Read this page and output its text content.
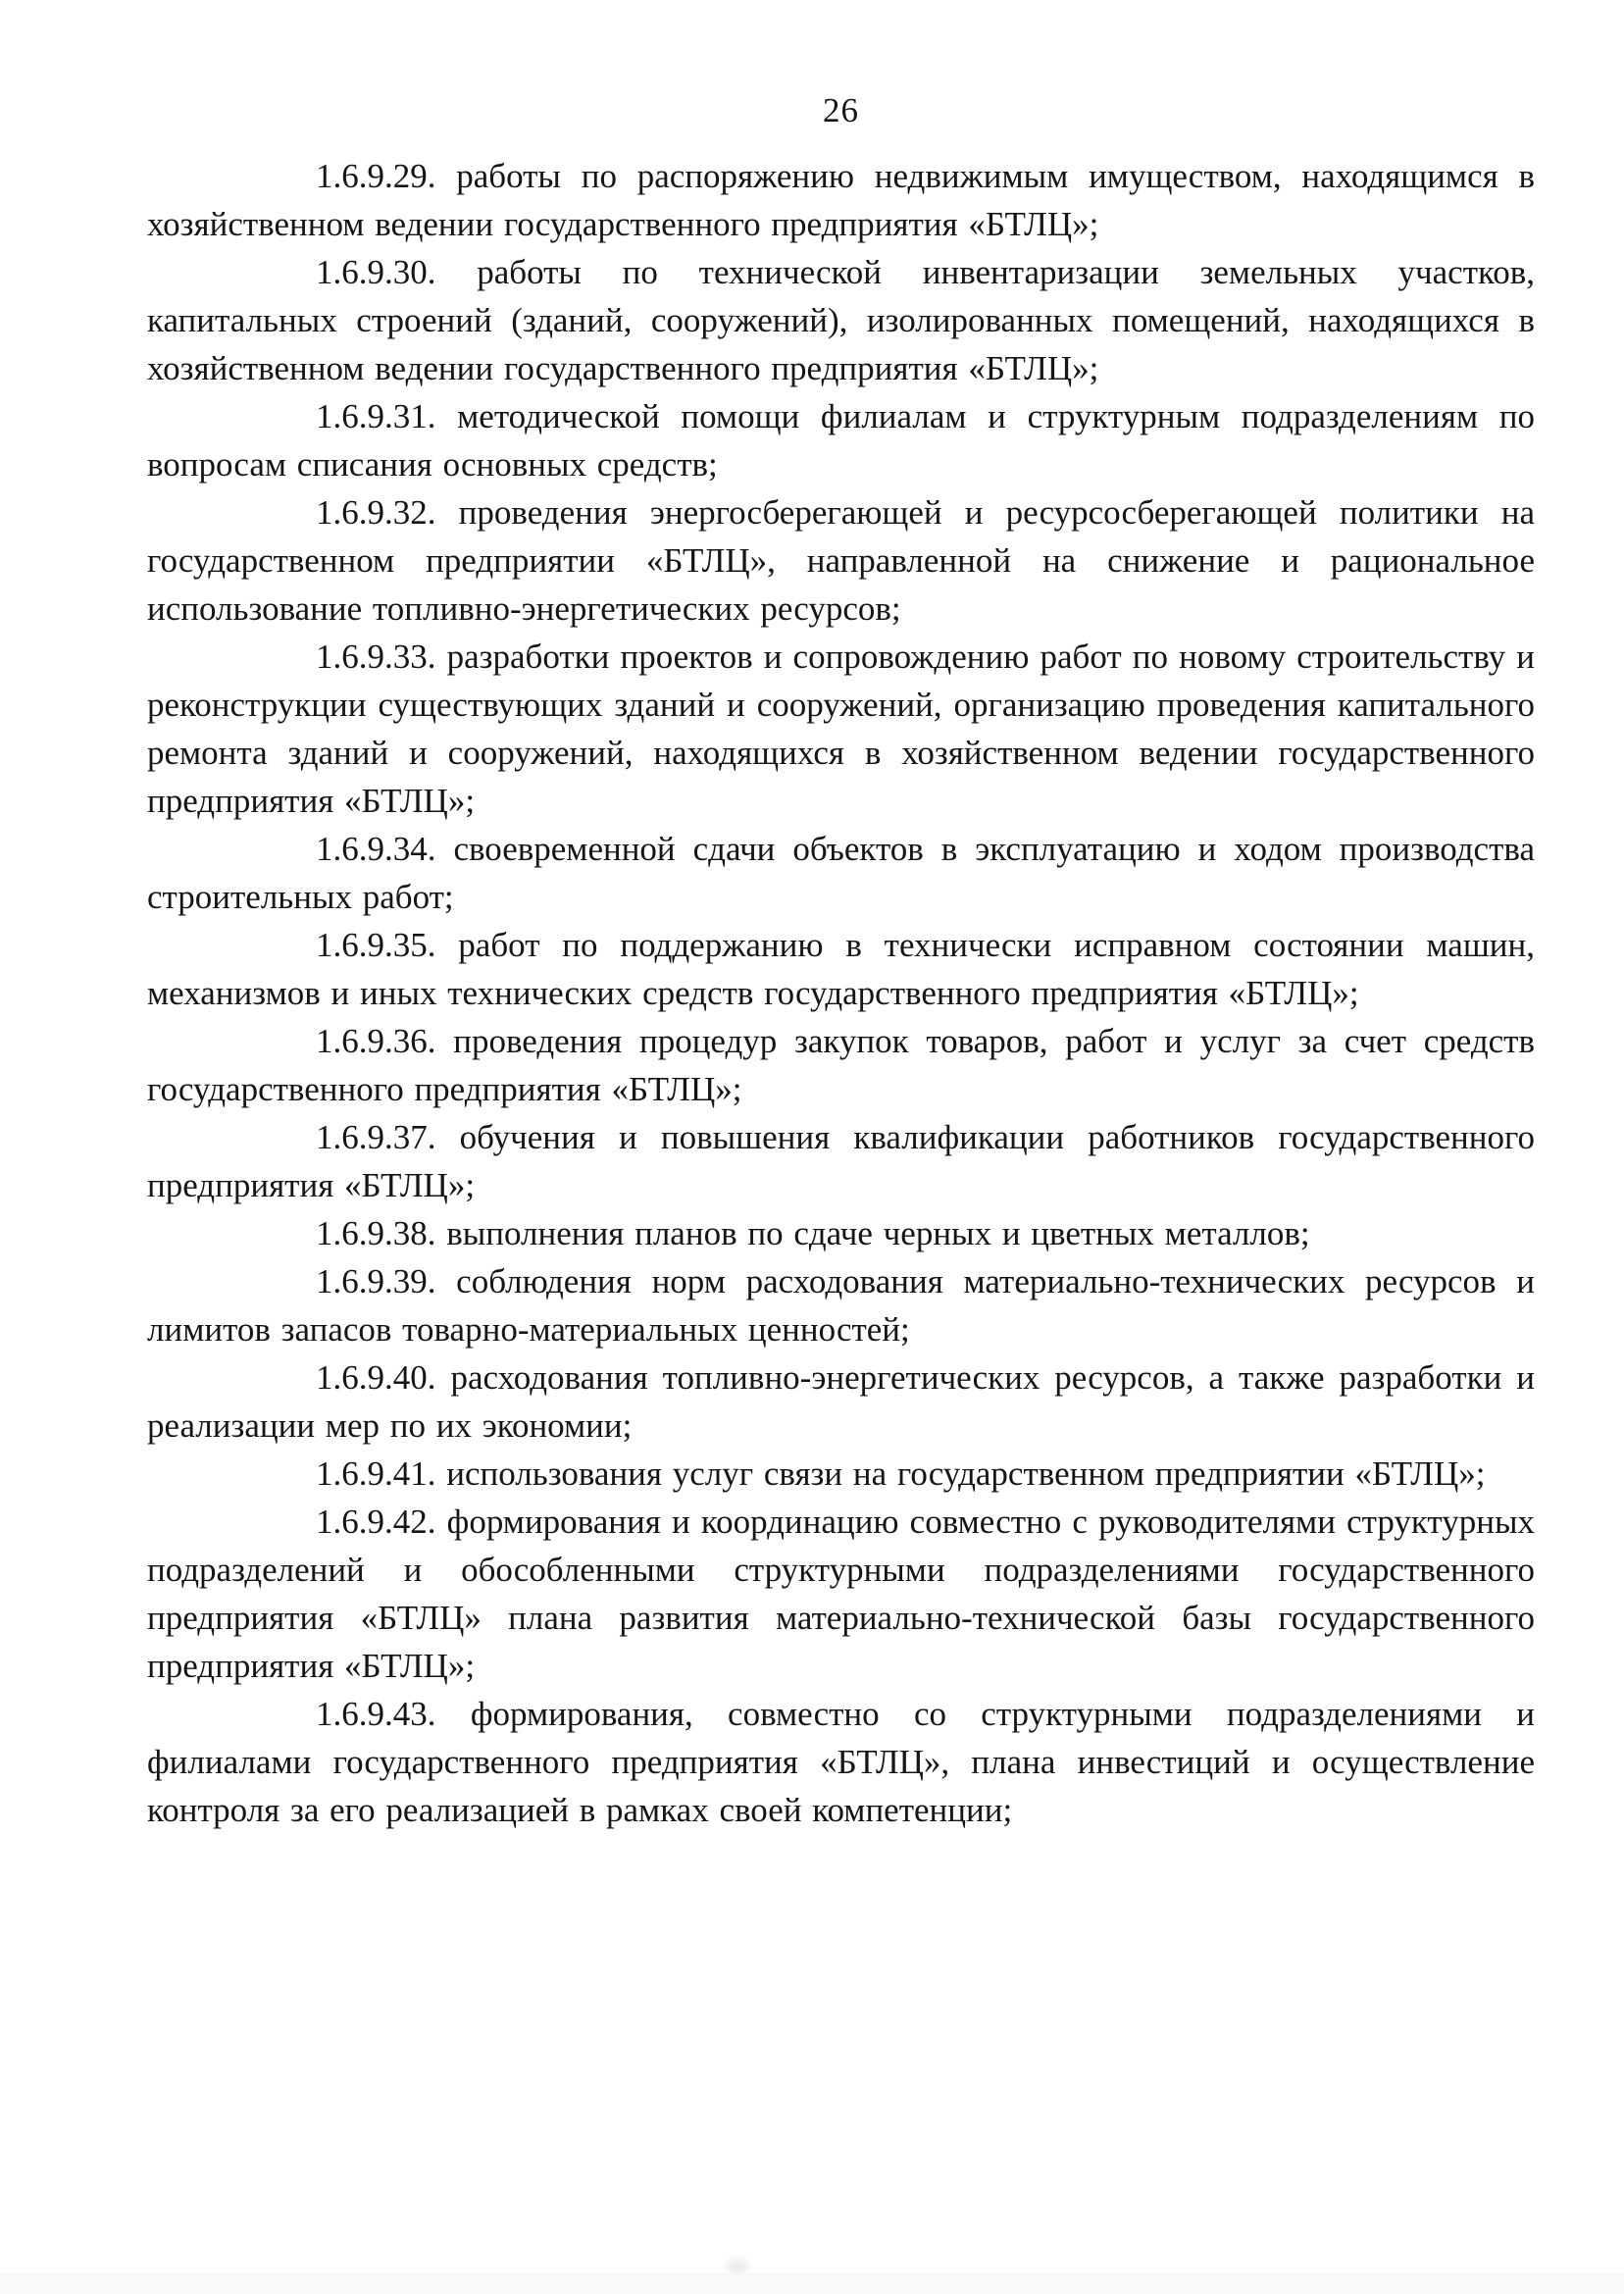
26

1.6.9.29. работы по распоряжению недвижимым имуществом, находящимся в хозяйственном ведении государственного предприятия «БТЛЦ»;

1.6.9.30. работы по технической инвентаризации земельных участков, капитальных строений (зданий, сооружений), изолированных помещений, находящихся в хозяйственном ведении государственного предприятия «БТЛЦ»;

1.6.9.31. методической помощи филиалам и структурным подразделениям по вопросам списания основных средств;

1.6.9.32. проведения энергосберегающей и ресурсосберегающей политики на государственном предприятии «БТЛЦ», направленной на снижение и рациональное использование топливно-энергетических ресурсов;

1.6.9.33. разработки проектов и сопровождению работ по новому строительству и реконструкции существующих зданий и сооружений, организацию проведения капитального ремонта зданий и сооружений, находящихся в хозяйственном ведении государственного предприятия «БТЛЦ»;

1.6.9.34. своевременной сдачи объектов в эксплуатацию и ходом производства строительных работ;

1.6.9.35. работ по поддержанию в технически исправном состоянии машин, механизмов и иных технических средств государственного предприятия «БТЛЦ»;

1.6.9.36. проведения процедур закупок товаров, работ и услуг за счет средств государственного предприятия «БТЛЦ»;

1.6.9.37. обучения и повышения квалификации работников государственного предприятия «БТЛЦ»;

1.6.9.38. выполнения планов по сдаче черных и цветных металлов;

1.6.9.39. соблюдения норм расходования материально-технических ресурсов и лимитов запасов товарно-материальных ценностей;

1.6.9.40. расходования топливно-энергетических ресурсов, а также разработки и реализации мер по их экономии;

1.6.9.41. использования услуг связи на государственном предприятии «БТЛЦ»;

1.6.9.42. формирования и координацию совместно с руководителями структурных подразделений и обособленными структурными подразделениями государственного предприятия «БТЛЦ» плана развития материально-технической базы государственного предприятия «БТЛЦ»;

1.6.9.43. формирования, совместно со структурными подразделениями и филиалами государственного предприятия «БТЛЦ», плана инвестиций и осуществление контроля за его реализацией в рамках своей компетенции;
